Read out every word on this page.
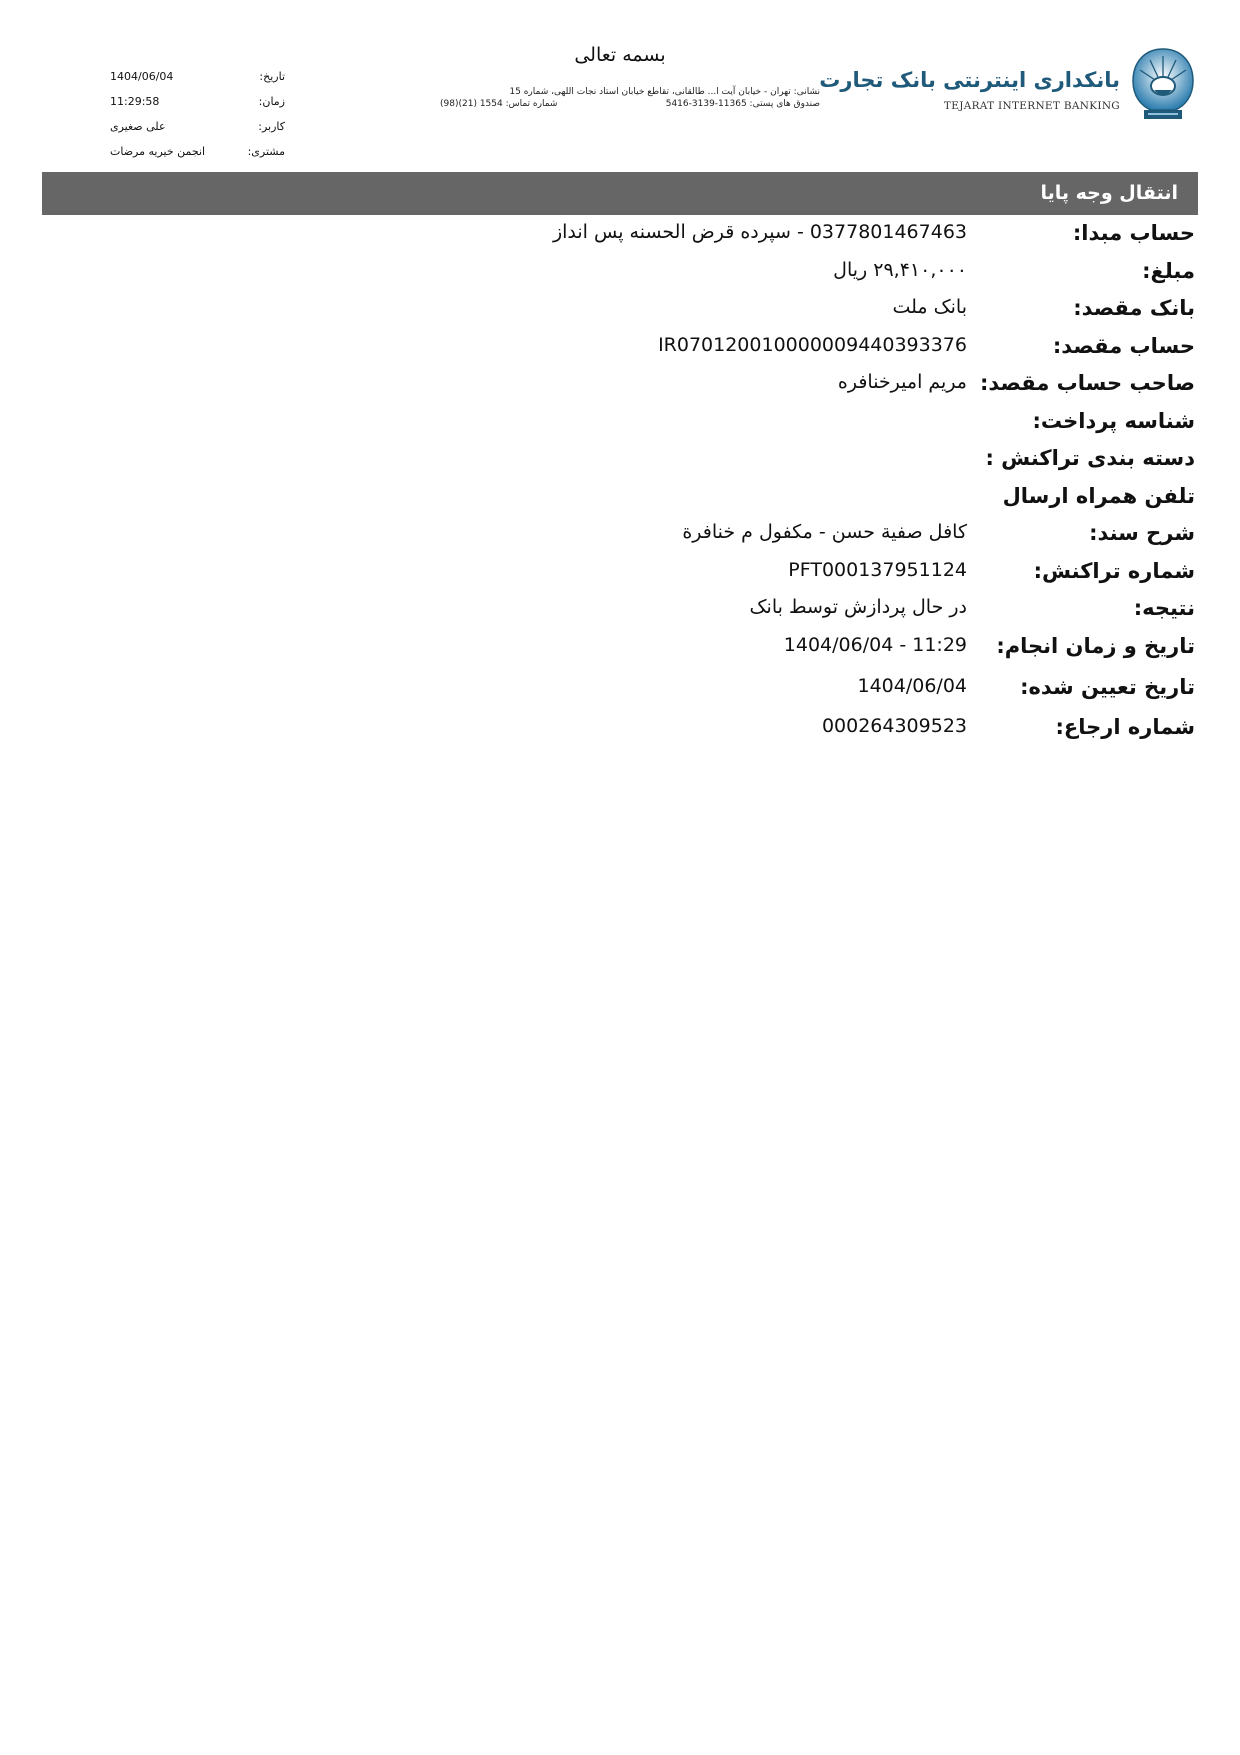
بسمه تعالی
نشانی: تهران - خیابان آیت ا... طالقانی، تقاطع خیابان استاد نجات اللهی، شماره 15
صندوق های پستی: 11365-3139-5416
شماره تماس: 1554 (21)(98)
بانکداری اینترنتی بانک تجارت
TEJARAT INTERNET BANKING
تاریخ:
1404/06/04
زمان:
11:29:58
کاربر:
علی صغیری
مشتری:
انجمن خیریه مرضات
انتقال وجه پایا
حساب مبدا:
0377801467463 - سپرده قرض الحسنه پس انداز
مبلغ:
۲۹,۴۱۰,۰۰۰ ریال
بانک مقصد:
بانک ملت
حساب مقصد:
IR070120010000009440393376
صاحب حساب مقصد:
مریم امیرخنافره
شناسه پرداخت:
دسته بندی تراکنش :
تلفن همراه ارسال
شرح سند:
کافل صفية حسن - مكفول م خنافرة
شماره تراکنش:
PFT000137951124
نتیجه:
در حال پردازش توسط بانک
تاریخ و زمان انجام:
1404/06/04 - 11:29
تاریخ تعیین شده:
1404/06/04
شماره ارجاع:
000264309523
